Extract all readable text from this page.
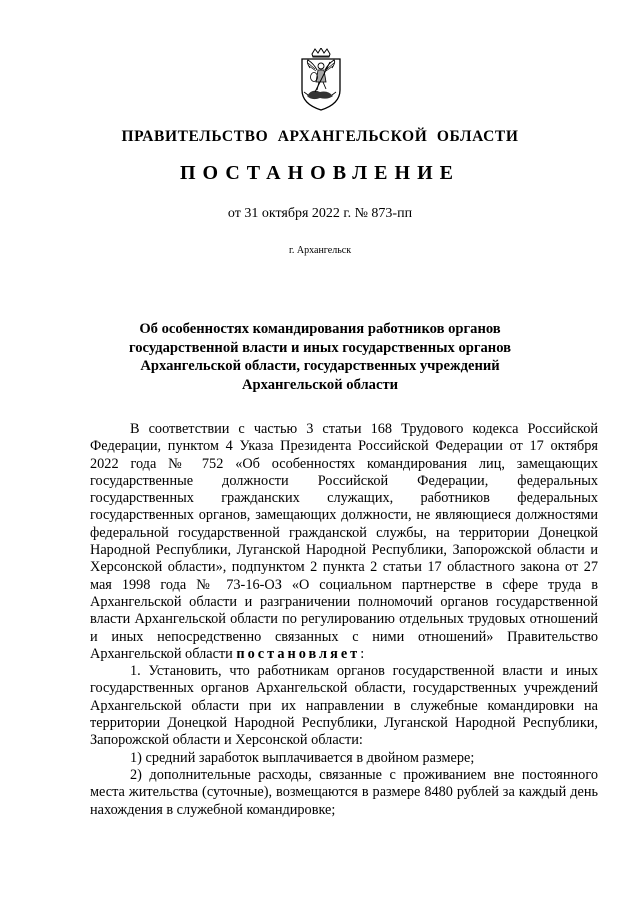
ПРАВИТЕЛЬСТВО АРХАНГЕЛЬСКОЙ ОБЛАСТИ
ПОСТАНОВЛЕНИЕ
от 31 октября 2022 г. № 873-пп
г. Архангельск
Об особенностях командирования работников органов
государственной власти и иных государственных органов
Архангельской области, государственных учреждений
Архангельской области

В соответствии с частью 3 статьи 168 Трудового кодекса Российской Федерации, пунктом 4 Указа Президента Российской Федерации от 17 октября 2022 года № 752 «Об особенностях командирования лиц, замещающих государственные должности Российской Федерации, федеральных государственных гражданских служащих, работников федеральных государственных органов, замещающих должности, не являющиеся должностями федеральной государственной гражданской службы, на территории Донецкой Народной Республики, Луганской Народной Республики, Запорожской области и Херсонской области», подпунктом 2 пункта 2 статьи 17 областного закона от 27 мая 1998 года № 73-16-ОЗ «О социальном партнерстве в сфере труда в Архангельской области и разграничении полномочий органов государственной власти Архангельской области по регулированию отдельных трудовых отношений и иных непосредственно связанных с ними отношений» Правительство Архангельской области постановляет:

1. Установить, что работникам органов государственной власти и иных государственных органов Архангельской области, государственных учреждений Архангельской области при их направлении в служебные командировки на территории Донецкой Народной Республики, Луганской Народной Республики, Запорожской области и Херсонской области:

1) средний заработок выплачивается в двойном размере;

2) дополнительные расходы, связанные с проживанием вне постоянного места жительства (суточные), возмещаются в размере 8480 рублей за каждый день нахождения в служебной командировке;
